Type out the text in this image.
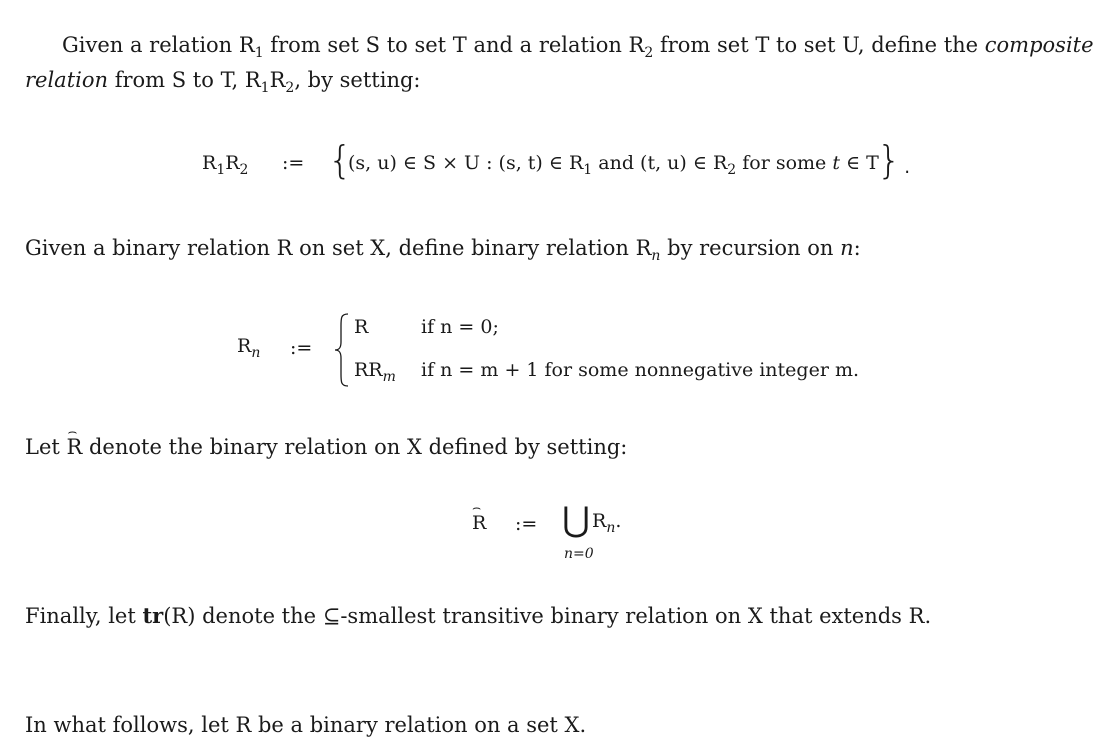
Given a relation $R_1$ from set S to set T and a relation $R_2$ from set T to set U, define the composite
relation from S to T, $R_1R_2$, by setting:
$R_1R_2$ := {
(s, u) ∈ S × U : (s, t) ∈ $R_1$ and (t, u) ∈ $R_2$ for some t ∈ T
}.
Given a binary relation R on set X, define binary relation $R_n$ by recursion on n:
$R_n$ :=
R	if n = 0;
$RR_m$ if n = m + 1 for some nonnegative integer m.
Let R
⌢
denote the binary relation on X defined by setting:
R
⌢
:= ⋃ $R_n$.
n=0
Finally, let tr(R) denote the ⊆-smallest transitive binary relation on X that extends R.
In what follows, let R be a binary relation on a set X.
